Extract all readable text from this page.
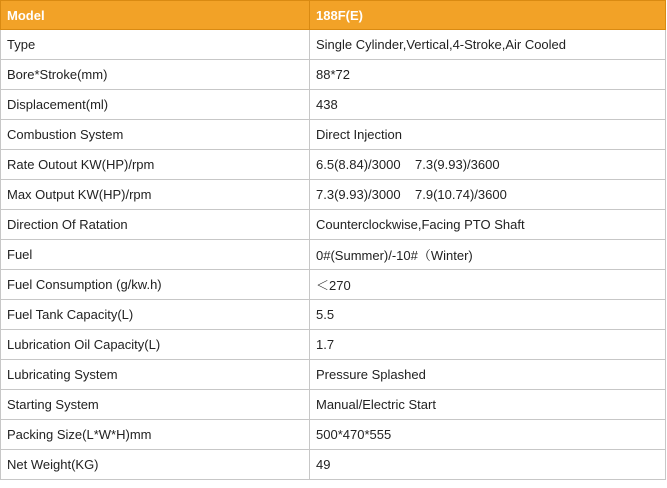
Model	188F(E)
Type	Single Cylinder,Vertical,4-Stroke,Air Cooled
Bore*Stroke(mm)	88*72
Displacement(ml)	438
Combustion System	Direct Injection
Rate Outout KW(HP)/rpm	6.5(8.84)/3000    7.3(9.93)/3600
Max Output KW(HP)/rpm	7.3(9.93)/3000    7.9(10.74)/3600
Direction Of Ratation	Counterclockwise,Facing PTO Shaft
Fuel	0#(Summer)/-10#（Winter)
Fuel Consumption (g/kw.h)	＜270
Fuel Tank Capacity(L)	5.5
Lubrication Oil Capacity(L)	1.7
Lubricating System	Pressure Splashed
Starting System	Manual/Electric Start
Packing Size(L*W*H)mm	500*470*555
Net Weight(KG)	49
